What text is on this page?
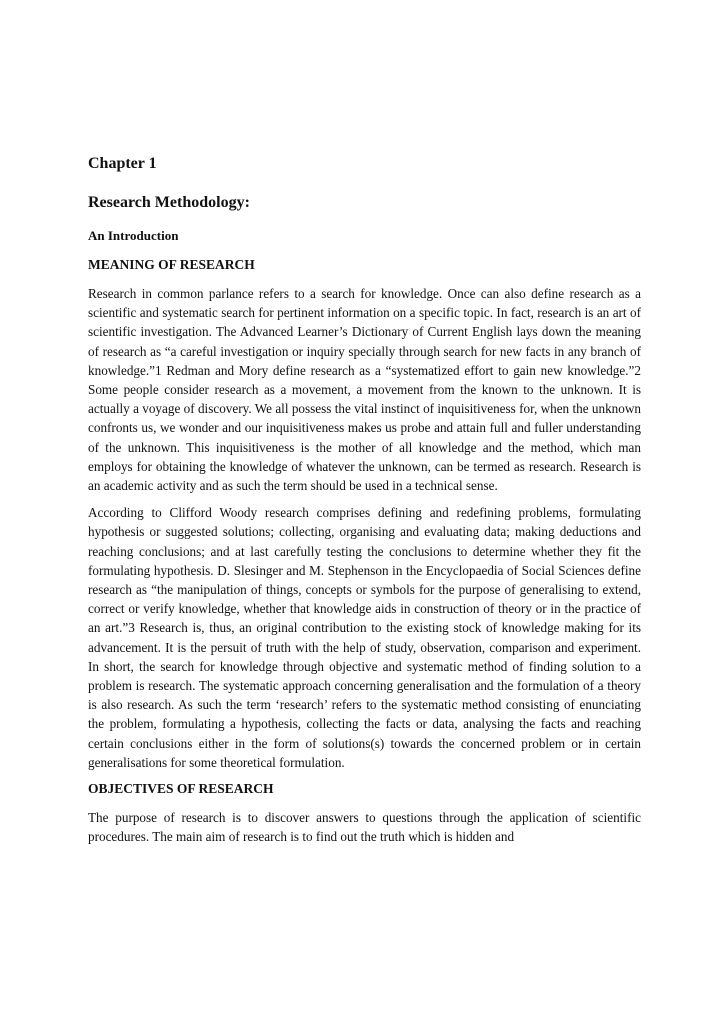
Chapter 1
Research Methodology:
An Introduction
MEANING OF RESEARCH

Research in common parlance refers to a search for knowledge. Once can also define research as a scientific and systematic search for pertinent information on a specific topic. In fact, research is an art of scientific investigation. The Advanced Learner’s Dictionary of Current English lays down the meaning of research as “a careful investigation or inquiry specially through search for new facts in any branch of knowledge.”1 Redman and Mory define research as a “systematized effort to gain new knowledge.”2 Some people consider research as a movement, a movement from the known to the unknown. It is actually a voyage of discovery. We all possess the vital instinct of inquisitiveness for, when the unknown confronts us, we wonder and our inquisitiveness makes us probe and attain full and fuller understanding of the unknown. This inquisitiveness is the mother of all knowledge and the method, which man employs for obtaining the knowledge of whatever the unknown, can be termed as research. Research is an academic activity and as such the term should be used in a technical sense.

According to Clifford Woody research comprises defining and redefining problems, formulating hypothesis or suggested solutions; collecting, organising and evaluating data; making deductions and reaching conclusions; and at last carefully testing the conclusions to determine whether they fit the formulating hypothesis. D. Slesinger and M. Stephenson in the Encyclopaedia of Social Sciences define research as “the manipulation of things, concepts or symbols for the purpose of generalising to extend, correct or verify knowledge, whether that knowledge aids in construction of theory or in the practice of an art.”3 Research is, thus, an original contribution to the existing stock of knowledge making for its advancement. It is the persuit of truth with the help of study, observation, comparison and experiment. In short, the search for knowledge through objective and systematic method of finding solution to a problem is research. The systematic approach concerning generalisation and the formulation of a theory is also research. As such the term ‘research’ refers to the systematic method consisting of enunciating the problem, formulating a hypothesis, collecting the facts or data, analysing the facts and reaching certain conclusions either in the form of solutions(s) towards the concerned problem or in certain generalisations for some theoretical formulation.

OBJECTIVES OF RESEARCH

The purpose of research is to discover answers to questions through the application of scientific procedures. The main aim of research is to find out the truth which is hidden and
